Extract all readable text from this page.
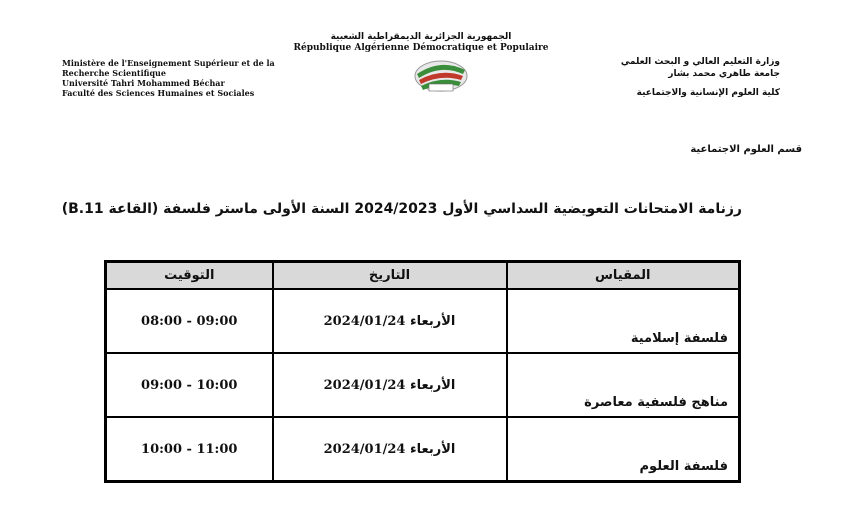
الجمهورية الجزائرية الديمقراطية الشعبية
République Algérienne Démocratique et Populaire
Ministère de l'Enseignement Supérieur et de la
Recherche Scientifique
Université Tahri Mohammed Béchar
Faculté des Sciences Humaines et Sociales
وزارة التعليم العالي و البحث العلمي
جامعة طاهري محمد بشار
كلية العلوم الإنسانية والاجتماعية
قسم العلوم الاجتماعية
رزنامة الامتحانات التعويضية السداسي الأول 2024/2023 السنة الأولى ماستر فلسفة (القاعة B.11)
المقياس	التاريخ	التوقيت
فلسفة إسلامية	الأربعاء 2024/01/24	08:00 - 09:00
مناهج فلسفية معاصرة	الأربعاء 2024/01/24	09:00 - 10:00
فلسفة العلوم	الأربعاء 2024/01/24	10:00 - 11:00
